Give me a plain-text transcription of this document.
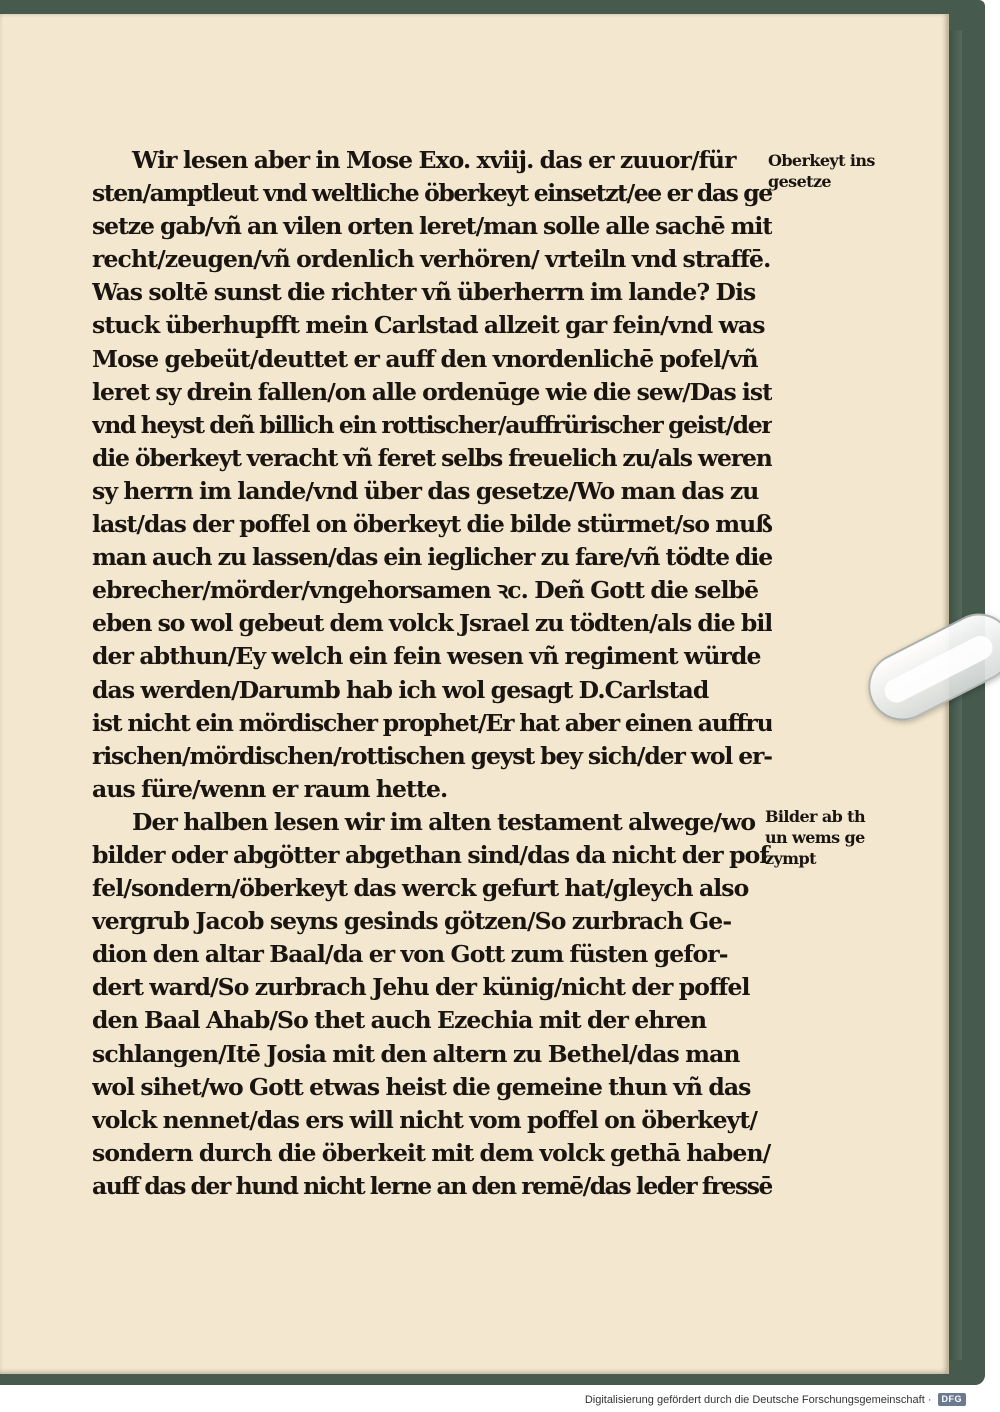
Wir lesen aber in Mose Exo. xviij. das er zuuor/für
sten/amptleut vnd weltliche öberkeyt einsetzt/ee er das ge
setze gab/vñ an vilen orten leret/man solle alle sachē mit
recht/zeugen/vñ ordenlich verhören/ vrteiln vnd straffē.
Was soltē sunst die richter vñ überherrn im lande? Dis
stuck überhupfft mein Carlstad allzeit gar fein/vnd was
Mose gebeüt/deuttet er auff den vnordenlichē pofel/vñ
leret sy drein fallen/on alle ordenūge wie die sew/Das ist
vnd heyst deñ billich ein rottischer/auffrürischer geist/der
die öberkeyt veracht vñ feret selbs freuelich zu/als weren
sy herrn im lande/vnd über das gesetze/Wo man das zu
last/das der poffel on öberkeyt die bilde stürmet/so muß
man auch zu lassen/das ein ieglicher zu fare/vñ tödte die
ebrecher/mörder/vngehorsamen ꝛc. Deñ Gott die selbē
eben so wol gebeut dem volck Jsrael zu tödten/als die bil
der abthun/Ey welch ein fein wesen vñ regiment würde
das werden/Darumb hab ich wol gesagt D.Carlstad
ist nicht ein mördischer prophet/Er hat aber einen auffru
rischen/mördischen/rottischen geyst bey sich/der wol er-
aus füre/wenn er raum hette.
Der halben lesen wir im alten testament alwege/wo
bilder oder abgötter abgethan sind/das da nicht der pof
fel/sondern/öberkeyt das werck gefurt hat/gleych also
vergrub Jacob seyns gesinds götzen/So zurbrach Ge-
dion den altar Baal/da er von Gott zum füsten gefor-
dert ward/So zurbrach Jehu der künig/nicht der poffel
den Baal Ahab/So thet auch Ezechia mit der ehren
schlangen/Itē Josia mit den altern zu Bethel/das man
wol sihet/wo Gott etwas heist die gemeine thun vñ das
volck nennet/das ers will nicht vom poffel on öberkeyt/
sondern durch die öberkeit mit dem volck gethā haben/
auff das der hund nicht lerne an den remē/das leder fressē
Oberkeyt ins
gesetze
Bilder ab th
un wems ge
zympt
Digitalisierung gefördert durch die Deutsche Forschungsgemeinschaft ·	DFG
